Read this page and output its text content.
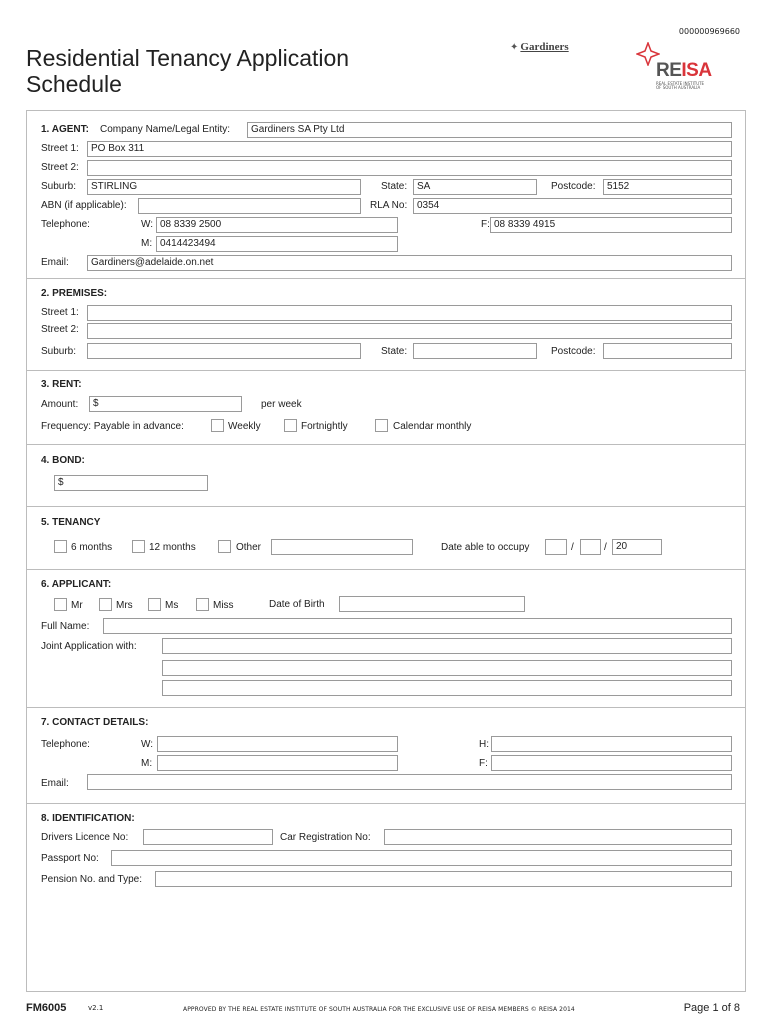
000000969660
Residential Tenancy Application
Schedule
✦ Gardiners
REISA
REAL ESTATE INSTITUTE
OF SOUTH AUSTRALIA
1. AGENT: Company Name/Legal Entity:	Gardiners SA Pty Ltd
Street 1:	PO Box 311
Street 2:
Suburb:	STIRLING	State: SA	Postcode:	5152
ABN (if applicable):	RLA No: 0354
Telephone:	W: 08 8339 2500	F: 08 8339 4915
M: 0414423494
Email:	Gardiners@adelaide.on.net
2. PREMISES:
Street 1:
Street 2:
Suburb:	State:	Postcode:
3. RENT:
Amount:	$	per week
Frequency: Payable in advance:	Weekly	Fortnightly	Calendar monthly
4. BOND:
$
5. TENANCY
6 months	12 months	Other	Date able to occupy	/	/ 20
6. APPLICANT:
Mr	Mrs	Ms	Miss	Date of Birth
Full Name:
Joint Application with:
7. CONTACT DETAILS:
Telephone:	W:	H:
M:	F:
Email:
8. IDENTIFICATION:
Drivers Licence No:	Car Registration No:
Passport No:
Pension No. and Type:
FM6005	v2.1	APPROVED BY THE REAL ESTATE INSTITUTE OF SOUTH AUSTRALIA FOR THE EXCLUSIVE USE OF REISA MEMBERS © REISA 2014	Page 1 of 8
